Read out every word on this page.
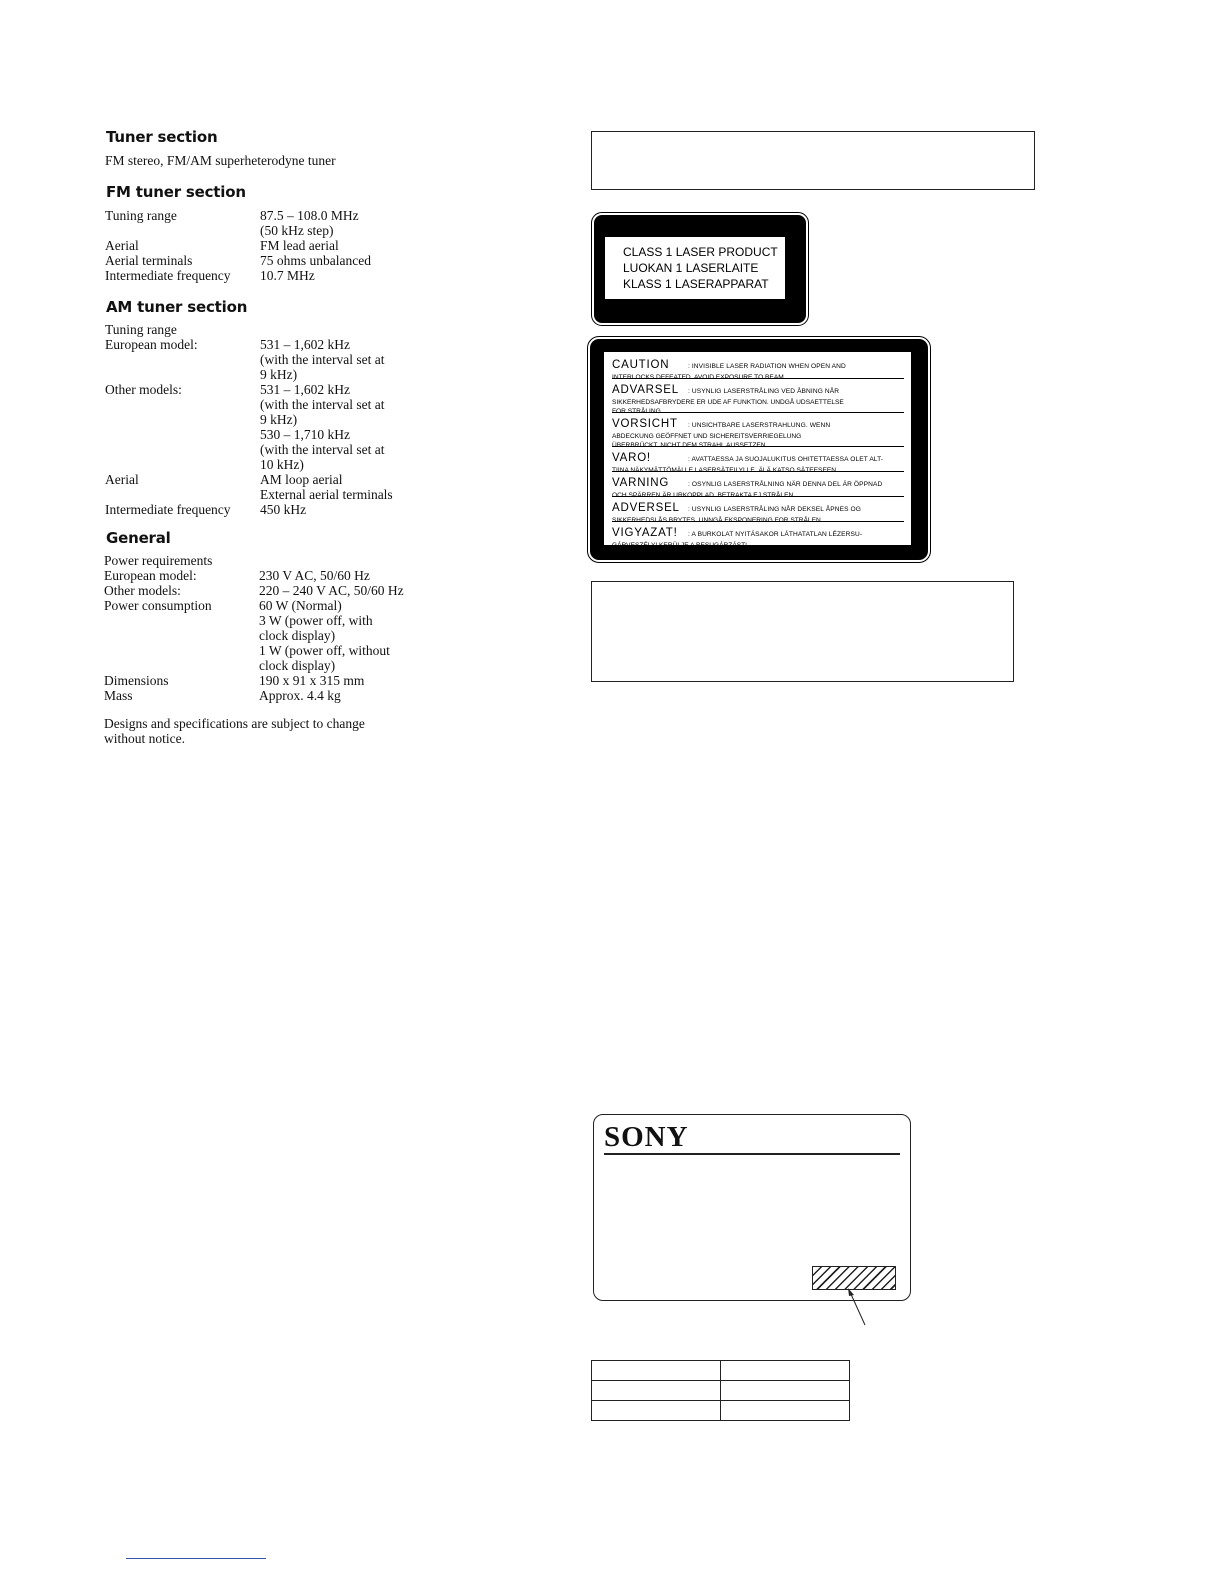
Tuner section
FM stereo, FM/AM superheterodyne tuner
FM tuner section
Tuning range	87.5 – 108.0 MHz
(50 kHz step)
Aerial	FM lead aerial
Aerial terminals	75 ohms unbalanced
Intermediate frequency 10.7 MHz
AM tuner section
Tuning range
European model:	531 – 1,602 kHz
(with the interval set at
9 kHz)
Other models:	531 – 1,602 kHz
(with the interval set at
9 kHz)
530 – 1,710 kHz
(with the interval set at
10 kHz)
Aerial	AM loop aerial
External aerial terminals
Intermediate frequency 450 kHz
General
Power requirements
European model:	230 V AC, 50/60 Hz
Other models:	220 – 240 V AC, 50/60 Hz
Power consumption	60 W (Normal)
3 W (power off, with
clock display)
1 W (power off, without
clock display)
Dimensions	190 x 91 x 315 mm
Mass	Approx. 4.4 kg
Designs and specifications are subject to change
without notice.
CLASS 1 LASER PRODUCT
LUOKAN 1 LASERLAITE
KLASS 1 LASERAPPARAT
CAUTION	: INVISIBLE LASER RADIATION WHEN OPEN AND
ADVARSEL : USYNLIG LASERSTRÅLING VED ÅBNING NÅR
SIKKERHEDSAFBRYDERE ER UDE AF FUNKTION. UNDGÅ UDSAETTELSE
VORSICHT : UNSICHTBARE LASERSTRAHLUNG. WENN
ABDECKUNG GEÖFFNET UND SICHEREITSVERRIEGELUNG
VARO!	: AVATTAESSA JA SUOJALUKITUS OHITETTAESSA OLET ALT-
VARNING	: OSYNLIG LASERSTRÅLNING NÄR DENNA DEL ÄR ÖPPNAD
ADVERSEL : USYNLIG LASERSTRÅLING NÅR DEKSEL ÅPNES OG
VIGYAZAT! : A BURKOLAT NYITÁSAKOR LÁTHATATLAN LÉZERSU-
SONY
